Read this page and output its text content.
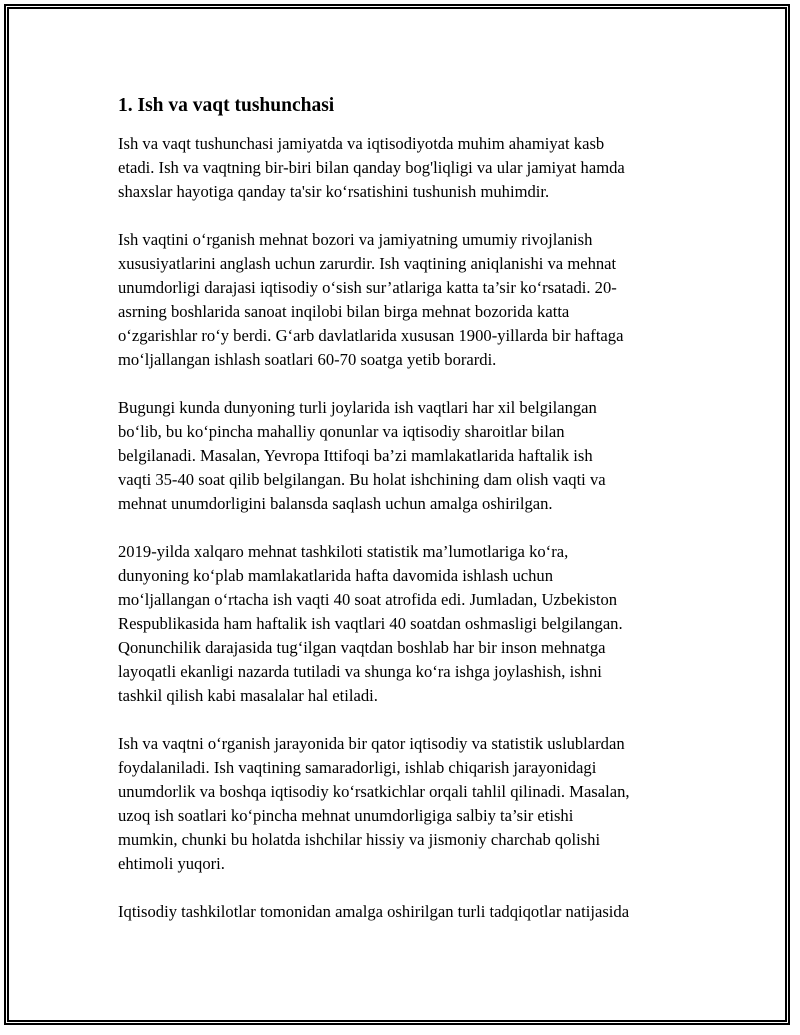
1. Ish va vaqt tushunchasi

Ish va vaqt tushunchasi jamiyatda va iqtisodiyotda muhim ahamiyat kasb
etadi. Ish va vaqtning bir-biri bilan qanday bog'liqligi va ular jamiyat hamda
shaxslar hayotiga qanday ta'sir ko‘rsatishini tushunish muhimdir.

Ish vaqtini o‘rganish mehnat bozori va jamiyatning umumiy rivojlanish
xususiyatlarini anglash uchun zarurdir. Ish vaqtining aniqlanishi va mehnat
unumdorligi darajasi iqtisodiy o‘sish sur’atlariga katta ta’sir ko‘rsatadi. 20-
asrning boshlarida sanoat inqilobi bilan birga mehnat bozorida katta
o‘zgarishlar ro‘y berdi. G‘arb davlatlarida xususan 1900-yillarda bir haftaga
mo‘ljallangan ishlash soatlari 60-70 soatga yetib borardi.

Bugungi kunda dunyoning turli joylarida ish vaqtlari har xil belgilangan
bo‘lib, bu ko‘pincha mahalliy qonunlar va iqtisodiy sharoitlar bilan
belgilanadi. Masalan, Yevropa Ittifoqi ba’zi mamlakatlarida haftalik ish
vaqti 35-40 soat qilib belgilangan. Bu holat ishchining dam olish vaqti va
mehnat unumdorligini balansda saqlash uchun amalga oshirilgan.

2019-yilda xalqaro mehnat tashkiloti statistik ma’lumotlariga ko‘ra,
dunyoning ko‘plab mamlakatlarida hafta davomida ishlash uchun
mo‘ljallangan o‘rtacha ish vaqti 40 soat atrofida edi. Jumladan, Uzbekiston
Respublikasida ham haftalik ish vaqtlari 40 soatdan oshmasligi belgilangan.
Qonunchilik darajasida tug‘ilgan vaqtdan boshlab har bir inson mehnatga
layoqatli ekanligi nazarda tutiladi va shunga ko‘ra ishga joylashish, ishni
tashkil qilish kabi masalalar hal etiladi.

Ish va vaqtni o‘rganish jarayonida bir qator iqtisodiy va statistik uslublardan
foydalaniladi. Ish vaqtining samaradorligi, ishlab chiqarish jarayonidagi
unumdorlik va boshqa iqtisodiy ko‘rsatkichlar orqali tahlil qilinadi. Masalan,
uzoq ish soatlari ko‘pincha mehnat unumdorligiga salbiy ta’sir etishi
mumkin, chunki bu holatda ishchilar hissiy va jismoniy charchab qolishi
ehtimoli yuqori.

Iqtisodiy tashkilotlar tomonidan amalga oshirilgan turli tadqiqotlar natijasida
